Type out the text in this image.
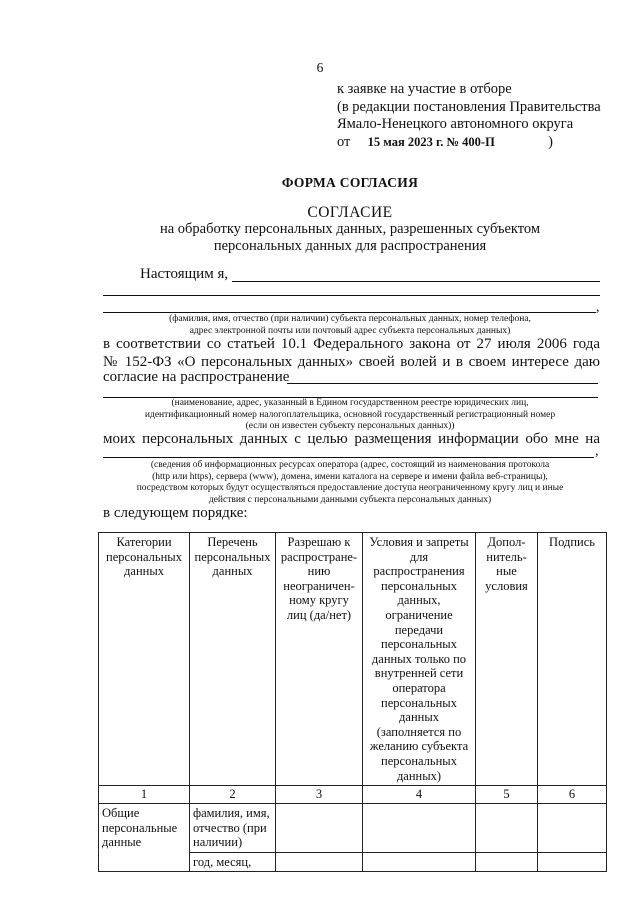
6
к заявке на участие в отборе
(в редакции постановления Правительства
Ямало-Ненецкого автономного округа
от 15 мая 2023 г. № 400-П	)
ФОРМА СОГЛАСИЯ
СОГЛАСИЕ
на обработку персональных данных, разрешенных субъектом
персональных данных для распространения
Настоящим я,
,
(фамилия, имя, отчество (при наличии) субъекта персональных данных, номер телефона,
адрес электронной почты или почтовый адрес субъекта персональных данных)
в соответствии со статьей 10.1 Федерального закона от 27 июля 2006 года
№ 152-ФЗ «О персональных данных» своей волей и в своем интересе даю
согласие на распространение
(наименование, адрес, указанный в Едином государственном реестре юридических лиц,
идентификационный номер налогоплательщика, основной государственный регистрационный номер
(если он известен субъекту персональных данных))
моих персональных данных с целью размещения информации обо мне на
,
(сведения об информационных ресурсах оператора (адрес, состоящий из наименования протокола
(http или https), сервера (www), домена, имени каталога на сервере и имени файла веб-страницы),
посредством которых будут осуществляться предоставление доступа неограниченному кругу лиц и иные
действия с персональными данными субъекта персональных данных)
в следующем порядке:
Категории персональных данных	Перечень персональных данных	Разрешаю к распростране-нию неограничен-ному кругу лиц (да/нет)	Условия и запреты для распространения персональных данных, ограничение передачи персональных данных только по внутренней сети оператора персональных данных (заполняется по желанию субъекта персональных данных)	Допол-нитель-ные условия	Подпись
1	2	3	4	5	6
Общие персональные данные	фамилия, имя, отчество (при наличии)				
	год, месяц,				
